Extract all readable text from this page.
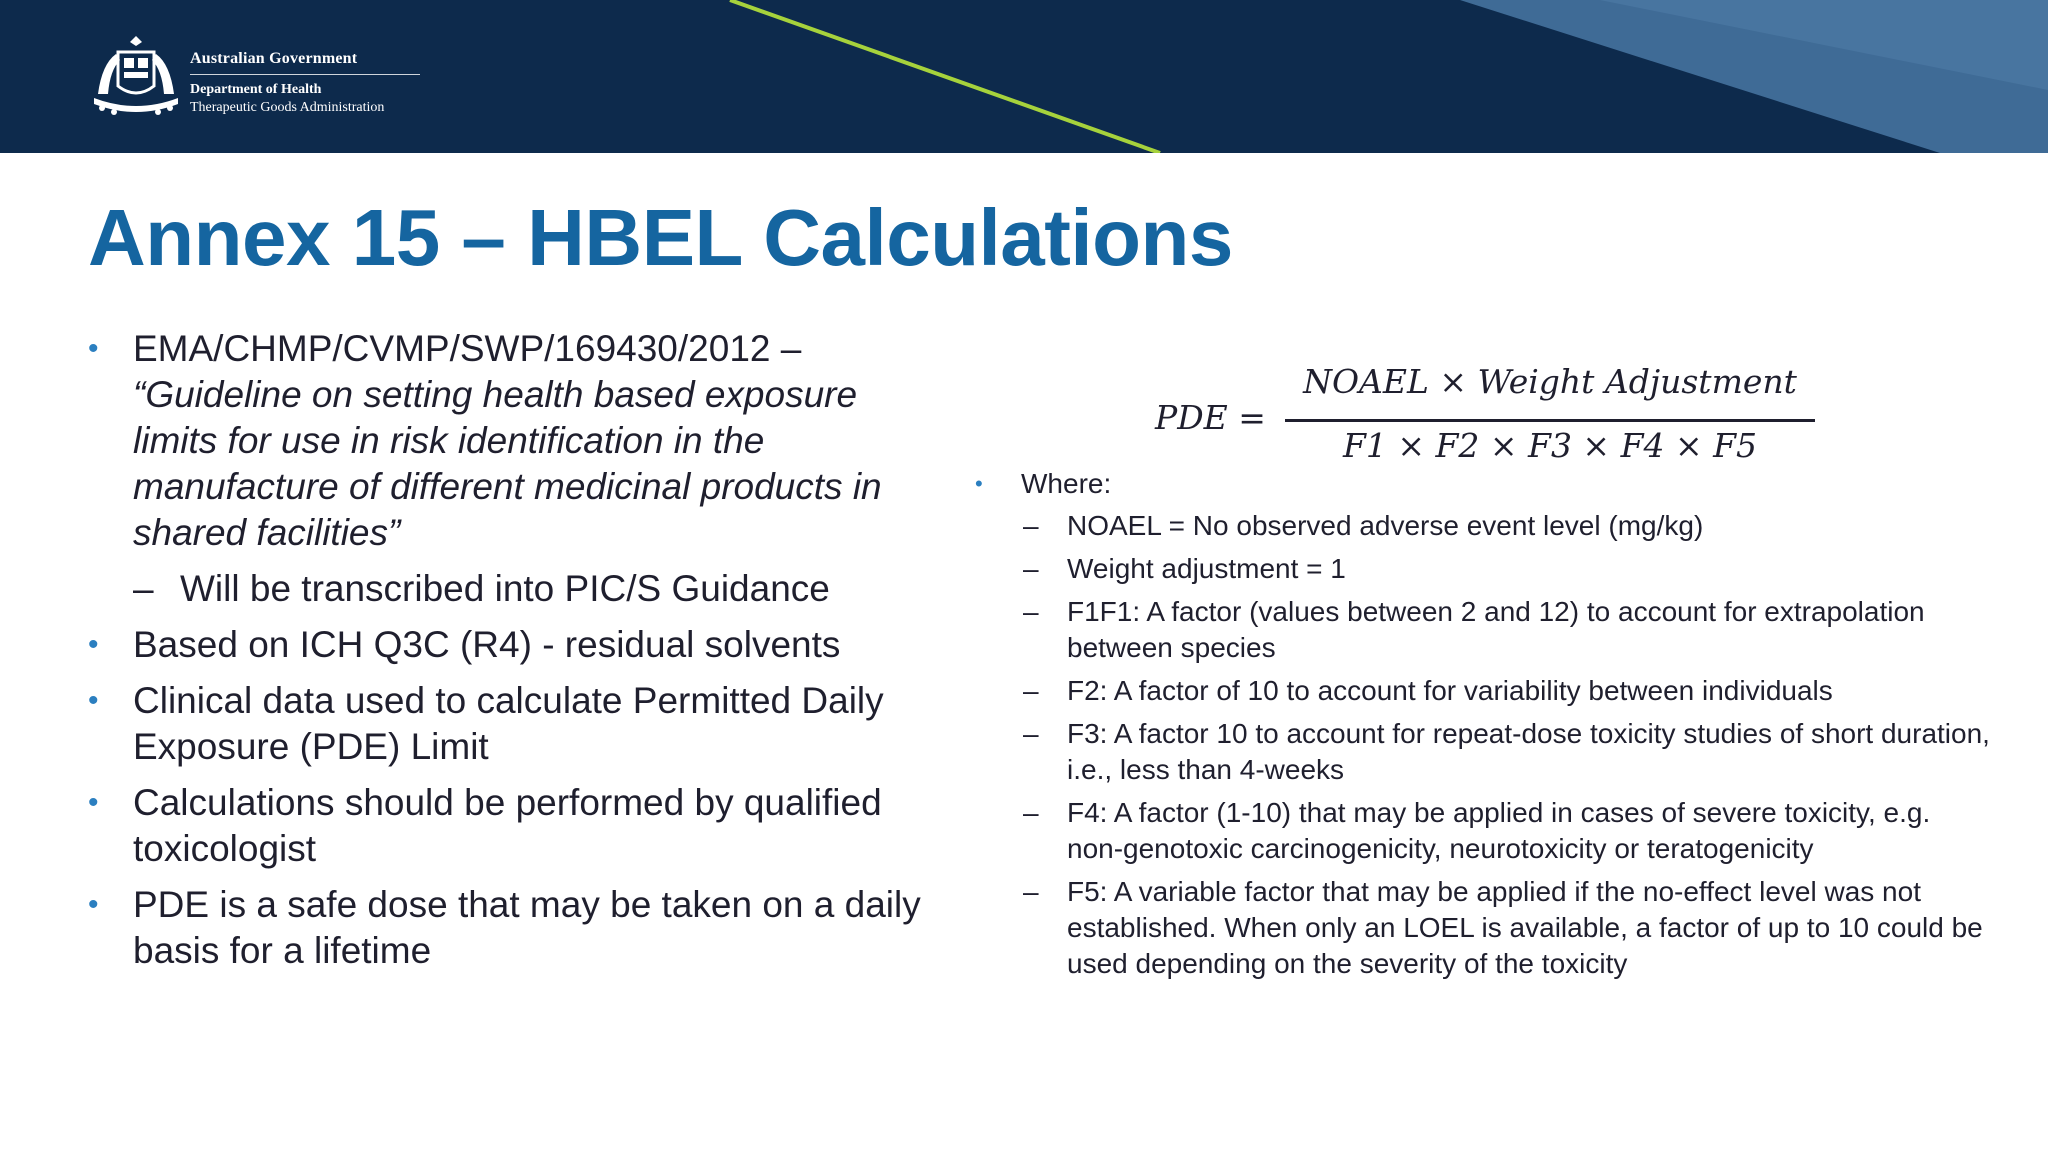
Australian Government
Department of Health
Therapeutic Goods Administration
Annex 15 – HBEL Calculations
• EMA/CHMP/CVMP/SWP/169430/2012 –
“Guideline on setting health based exposure limits for use in risk identification in the manufacture of different medicinal products in shared facilities”
– Will be transcribed into PIC/S Guidance
• Based on ICH Q3C (R4) - residual solvents
• Clinical data used to calculate Permitted Daily Exposure (PDE) Limit
• Calculations should be performed by qualified toxicologist
• PDE is a safe dose that may be taken on a daily basis for a lifetime
PDE =
NOAEL × Weight Adjustment
F1 × F2 × F3 × F4 × F5
• Where:
– NOAEL = No observed adverse event level (mg/kg)
– Weight adjustment = 1
– F1F1: A factor (values between 2 and 12) to account for extrapolation between species
– F2: A factor of 10 to account for variability between individuals
– F3: A factor 10 to account for repeat-dose toxicity studies of short duration, i.e., less than 4-weeks
– F4: A factor (1-10) that may be applied in cases of severe toxicity, e.g. non-genotoxic carcinogenicity, neurotoxicity or teratogenicity
– F5: A variable factor that may be applied if the no-effect level was not established. When only an LOEL is available, a factor of up to 10 could be used depending on the severity of the toxicity
